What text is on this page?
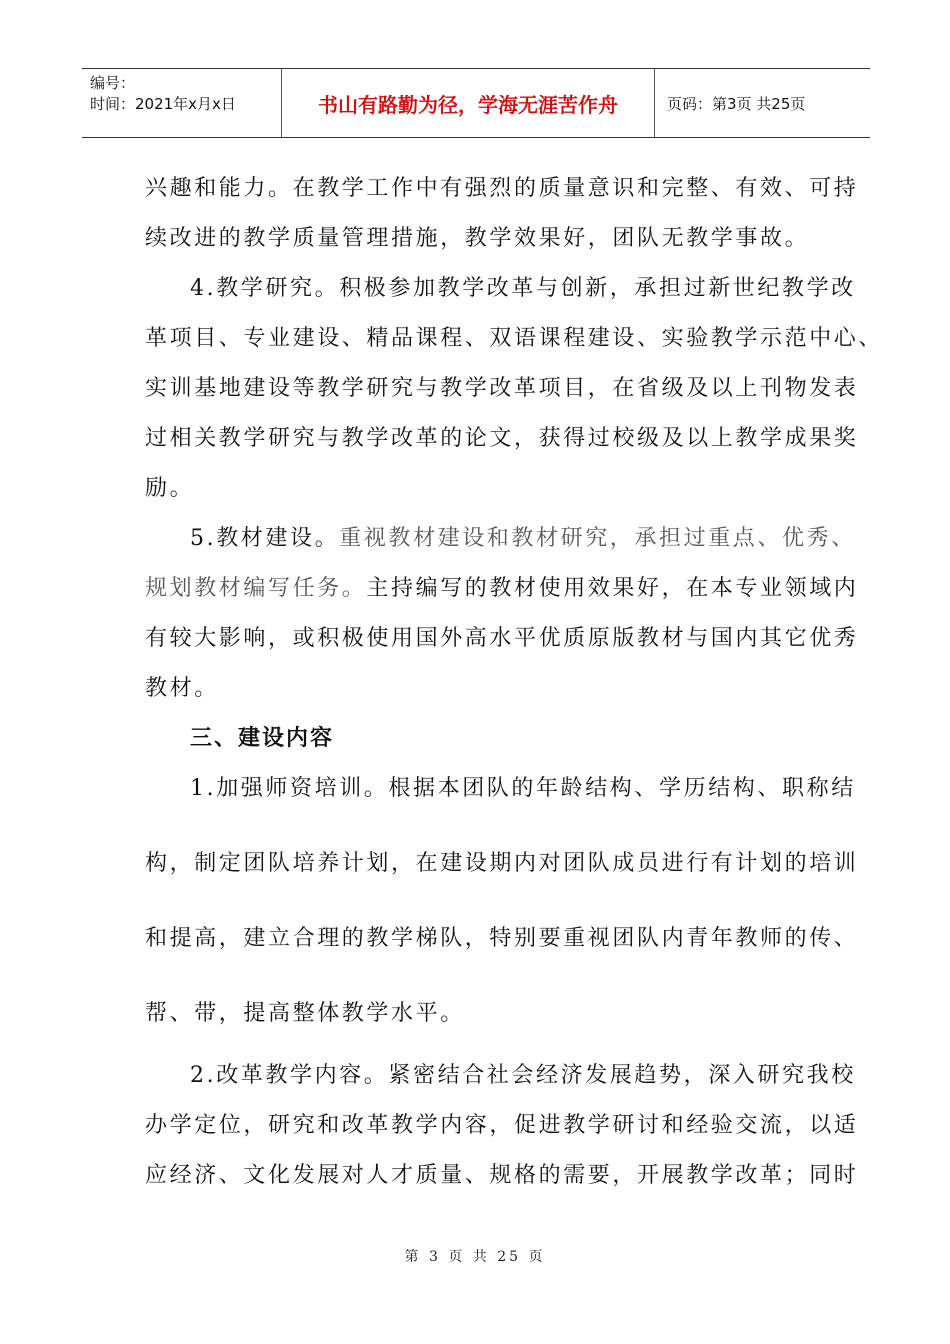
编号：
时间：2021年x月x日	书山有路勤为径，学海无涯苦作舟	页码：第3页 共25页
兴趣和能力。在教学工作中有强烈的质量意识和完整、有效、可持
续改进的教学质量管理措施，教学效果好，团队无教学事故。
4.教学研究。积极参加教学改革与创新，承担过新世纪教学改
革项目、专业建设、精品课程、双语课程建设、实验教学示范中心、
实训基地建设等教学研究与教学改革项目，在省级及以上刊物发表
过相关教学研究与教学改革的论文，获得过校级及以上教学成果奖
励。
5.教材建设。重视教材建设和教材研究，承担过重点、优秀、
规划教材编写任务。主持编写的教材使用效果好，在本专业领域内
有较大影响，或积极使用国外高水平优质原版教材与国内其它优秀
教材。
三、建设内容
1.加强师资培训。根据本团队的年龄结构、学历结构、职称结
构，制定团队培养计划，在建设期内对团队成员进行有计划的培训
和提高，建立合理的教学梯队，特别要重视团队内青年教师的传、
帮、带，提高整体教学水平。
2.改革教学内容。紧密结合社会经济发展趋势，深入研究我校
办学定位，研究和改革教学内容，促进教学研讨和经验交流，以适
应经济、文化发展对人才质量、规格的需要，开展教学改革；同时
第 3 页 共 25 页
